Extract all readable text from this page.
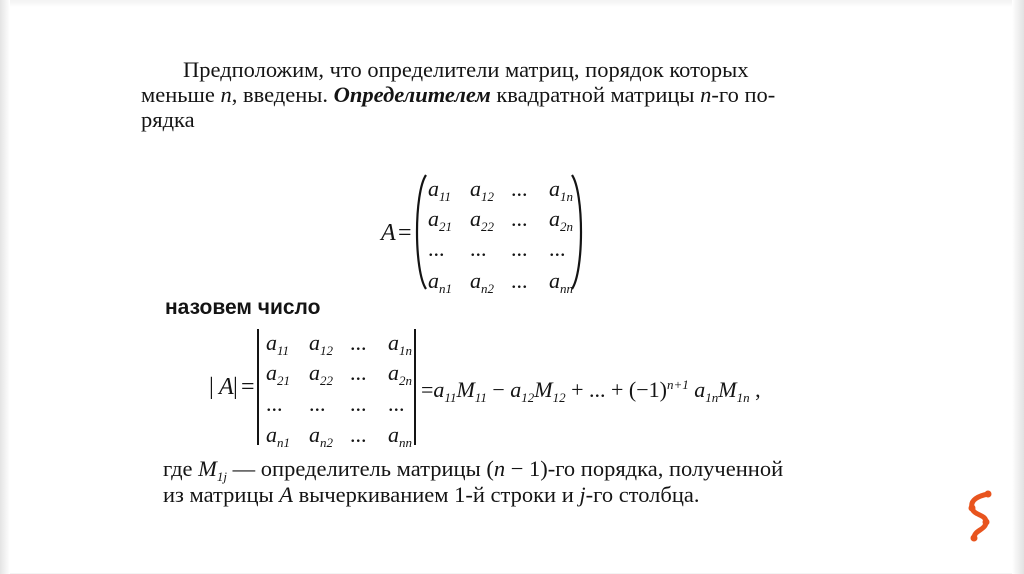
Предположим, что определители матриц, порядок которых
меньше n, введены. Определителем квадратной матрицы n-го по-
рядка
A =
$a_{11}$ $a_{12}$ ... $a_{1n}$
$a_{21}$ $a_{22}$ ... $a_{2n}$
... ... ... ...
$a_{n1}$ $a_{n2}$ ... $a_{nn}$
назовем число
| A | =
$a_{11}$ $a_{12}$ ... $a_{1n}$
$a_{21}$ $a_{22}$ ... $a_{2n}$
... ... ... ...
$a_{n1}$ $a_{n2}$ ... $a_{nn}$
$=a_{11}M_{11} - a_{12}M_{12}$ + ... + $(-1)^{n+1}$ $a_{1n}M_{1n}$ ,
где $M_{1j}$ — определитель матрицы (n − 1)-го порядка, полученной
из матрицы A вычеркиванием 1-й строки и j-го столбца.
